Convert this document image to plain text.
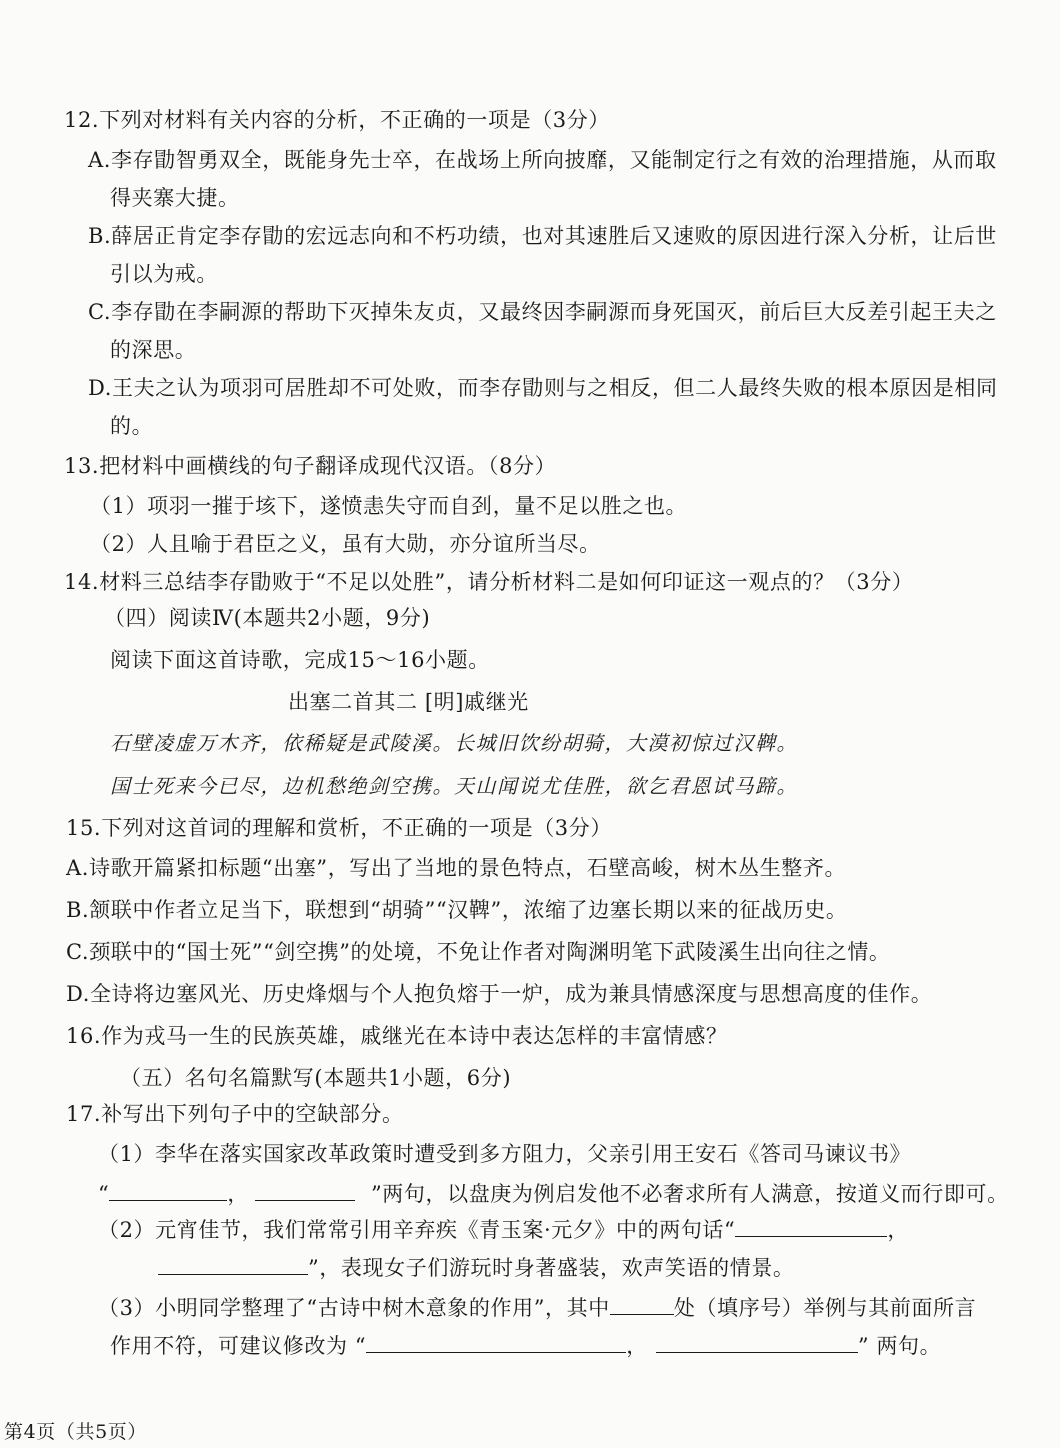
12.下列对材料有关内容的分析，不正确的一项是（3分）
A.李存勖智勇双全，既能身先士卒，在战场上所向披靡，又能制定行之有效的治理措施，从而取
得夹寨大捷。
B.薛居正肯定李存勖的宏远志向和不朽功绩，也对其速胜后又速败的原因进行深入分析，让后世
引以为戒。
C.李存勖在李嗣源的帮助下灭掉朱友贞，又最终因李嗣源而身死国灭，前后巨大反差引起王夫之
的深思。
D.王夫之认为项羽可居胜却不可处败，而李存勖则与之相反，但二人最终失败的根本原因是相同
的。
13.把材料中画横线的句子翻译成现代汉语。（8分）
（1）项羽一摧于垓下，遂愤恚失守而自刭，量不足以胜之也。
（2）人且喻于君臣之义，虽有大勋，亦分谊所当尽。
14.材料三总结李存勖败于“不足以处胜”，请分析材料二是如何印证这一观点的？（3分）
（四）阅读Ⅳ(本题共2小题，9分)
阅读下面这首诗歌，完成15～16小题。
出塞二首其二 [明]戚继光
石壁凌虚万木齐，依稀疑是武陵溪。长城旧饮纷胡骑，大漠初惊过汉鞞。
国士死来今已尽，边机愁绝剑空携。天山闻说尤佳胜，欲乞君恩试马蹄。
15.下列对这首词的理解和赏析，不正确的一项是（3分）
A.诗歌开篇紧扣标题“出塞”，写出了当地的景色特点，石壁高峻，树木丛生整齐。
B.颔联中作者立足当下，联想到“胡骑”“汉鞞”，浓缩了边塞长期以来的征战历史。
C.颈联中的“国士死”“剑空携”的处境，不免让作者对陶渊明笔下武陵溪生出向往之情。
D.全诗将边塞风光、历史烽烟与个人抱负熔于一炉，成为兼具情感深度与思想高度的佳作。
16.作为戎马一生的民族英雄，戚继光在本诗中表达怎样的丰富情感？
（五）名句名篇默写(本题共1小题，6分)
17.补写出下列句子中的空缺部分。
（1）李华在落实国家改革政策时遭受到多方阻力，父亲引用王安石《答司马谏议书》
“	，	”两句，以盘庚为例启发他不必奢求所有人满意，按道义而行即可。
（2）元宵佳节，我们常常引用辛弃疾《青玉案·元夕》中的两句话“	，
”，表现女子们游玩时身著盛装，欢声笑语的情景。
（3）小明同学整理了“古诗中树木意象的作用”，其中	处（填序号）举例与其前面所言
作用不符，可建议修改为 “	，	” 两句。
第4页（共5页）
